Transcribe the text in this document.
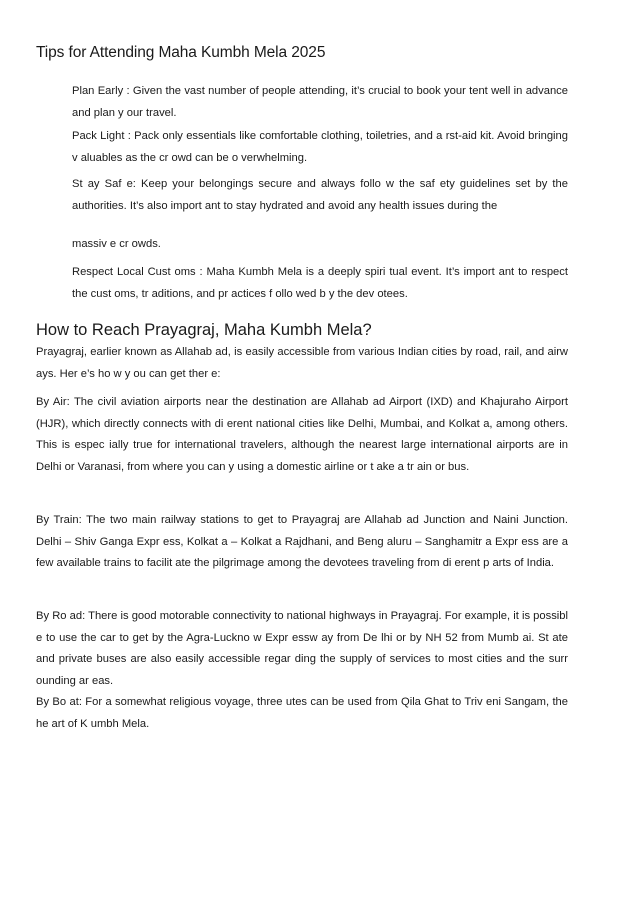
Tips for Attending Maha Kumbh Mela 2025

Plan Early : Given the vast number of people attending, it’s crucial to book your tent well in advance and plan y our travel.

Pack Light : Pack only essentials like comfortable clothing, toiletries, and a rst-aid kit. Avoid bringing v aluables as the cr owd can be o verwhelming.

St ay Saf e: Keep your belongings secure and always follo w the saf ety guidelines set by the authorities. It’s also import ant to stay hydrated and avoid any health issues during the

massiv e cr owds.

Respect Local Cust oms : Maha Kumbh Mela is a deeply spiri tual event. It’s import ant to respect the cust oms, tr aditions, and pr actices f ollo wed b y the dev otees.

How to Reach Prayagraj, Maha Kumbh Mela?

Prayagraj, earlier known as Allahab ad, is easily accessible from various Indian cities by road, rail, and airw ays. Her e’s ho w y ou can get ther e:

By Air: The civil aviation airports near the destination are Allahab ad Airport (IXD) and Khajuraho Airport (HJR), which directly connects with di erent national cities like Delhi, Mumbai, and Kolkat a, among others. This is espec ially true for international travelers, although the nearest large international airports are in Delhi or Varanasi, from where you can y using a domestic airline or t ake a tr ain or bus.

By Train: The two main railway stations to get to Prayagraj are Allahab ad Junction and Naini Junction. Delhi – Shiv Ganga Expr ess, Kolkat a – Kolkat a Rajdhani, and Beng aluru – Sanghamitr a Expr ess are a few available trains to facilit ate the pilgrimage among the devotees traveling from di erent p arts of India.

By Ro ad: There is good motorable connectivity to national highways in Prayagraj. For example, it is possibl e to use the car to get by the Agra-Luckno w Expr essw ay from De lhi or by NH 52 from Mumb ai. St ate and private buses are also easily accessible regar ding the supply of services to most cities and the surr ounding ar eas.

By Bo at: For a somewhat religious voyage, three utes can be used from Qila Ghat to Triv eni Sangam, the he art of K umbh Mela.
